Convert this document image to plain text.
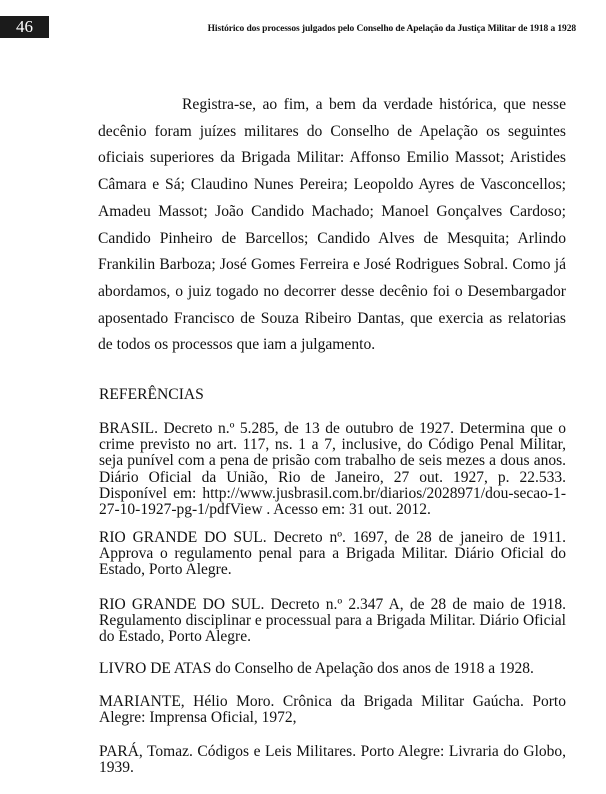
46	Histórico dos processos julgados pelo Conselho de Apelação da Justiça Militar de 1918 a 1928

Registra-se, ao fim, a bem da verdade histórica, que nesse decênio foram juízes militares do Conselho de Apelação os seguintes oficiais superiores da Brigada Militar: Affonso Emilio Massot; Aristides Câmara e Sá; Claudino Nunes Pereira; Leopoldo Ayres de Vasconcellos; Amadeu Massot; João Candido Machado; Manoel Gonçalves Cardoso; Candido Pinheiro de Barcellos; Candido Alves de Mesquita; Arlindo Frankilin Barboza; José Gomes Ferreira e José Rodrigues Sobral. Como já abordamos, o juiz togado no decorrer desse decênio foi o Desembargador aposentado Francisco de Souza Ribeiro Dantas, que exercia as relatorias de todos os processos que iam a julgamento.

REFERÊNCIAS

BRASIL. Decreto n.º 5.285, de 13 de outubro de 1927. Determina que o crime previsto no art. 117, ns. 1 a 7, inclusive, do Código Penal Militar, seja punível com a pena de prisão com trabalho de seis mezes a dous anos. Diário Oficial da União, Rio de Janeiro, 27 out. 1927, p. 22.533. Disponível em: http://www.jusbrasil.com.br/diarios/2028971/dou-secao-1-27-10-1927-pg-1/pdfView . Acesso em: 31 out. 2012.

RIO GRANDE DO SUL. Decreto nº. 1697, de 28 de janeiro de 1911. Approva o regulamento penal para a Brigada Militar. Diário Oficial do Estado, Porto Alegre.

RIO GRANDE DO SUL. Decreto n.º 2.347 A, de 28 de maio de 1918. Regulamento disciplinar e processual para a Brigada Militar. Diário Oficial do Estado, Porto Alegre.

LIVRO DE ATAS do Conselho de Apelação dos anos de 1918 a 1928.

MARIANTE, Hélio Moro. Crônica da Brigada Militar Gaúcha. Porto Alegre: Imprensa Oficial, 1972,

PARÁ, Tomaz. Códigos e Leis Militares. Porto Alegre: Livraria do Globo, 1939.
